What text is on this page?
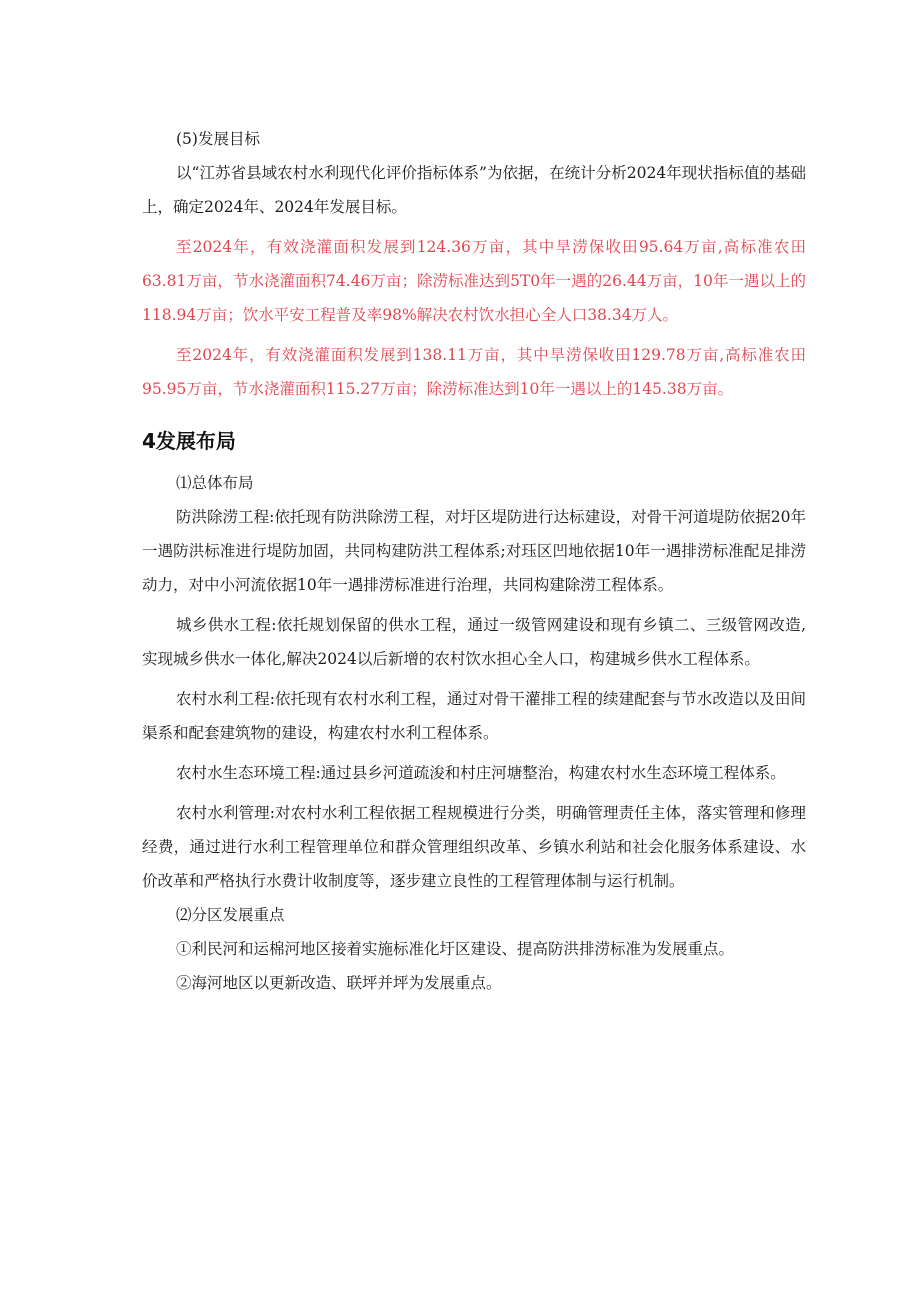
(5)发展目标

以“江苏省县域农村水利现代化评价指标体系”为依据，在统计分析2024年现状指标值的基础上，确定2024年、2024年发展目标。

至2024年，有效浇灌面积发展到124.36万亩，其中旱涝保收田95.64万亩,高标准农田63.81万亩，节水浇灌面积74.46万亩；除涝标准达到5T0年一遇的26.44万亩，10年一遇以上的118.94万亩；饮水平安工程普及率98%解决农村饮水担心全人口38.34万人。

至2024年，有效浇灌面积发展到138.11万亩，其中旱涝保收田129.78万亩,高标准农田95.95万亩，节水浇灌面积115.27万亩；除涝标准达到10年一遇以上的145.38万亩。

4发展布局

⑴总体布局

防洪除涝工程:依托现有防洪除涝工程，对圩区堤防进行达标建设，对骨干河道堤防依据20年一遇防洪标准进行堤防加固，共同构建防洪工程体系;对珏区凹地依据10年一遇排涝标准配足排涝动力，对中小河流依据10年一遇排涝标准进行治理，共同构建除涝工程体系。

城乡供水工程:依托规划保留的供水工程，通过一级管网建设和现有乡镇二、三级管网改造,实现城乡供水一体化,解决2024以后新增的农村饮水担心全人口，构建城乡供水工程体系。

农村水利工程:依托现有农村水利工程，通过对骨干灌排工程的续建配套与节水改造以及田间渠系和配套建筑物的建设，构建农村水利工程体系。

农村水生态环境工程:通过县乡河道疏浚和村庄河塘整治，构建农村水生态环境工程体系。

农村水利管理:对农村水利工程依据工程规模进行分类，明确管理责任主体，落实管理和修理经费，通过进行水利工程管理单位和群众管理组织改革、乡镇水利站和社会化服务体系建设、水价改革和严格执行水费计收制度等，逐步建立良性的工程管理体制与运行机制。

⑵分区发展重点

①利民河和运棉河地区接着实施标准化圩区建设、提高防洪排涝标准为发展重点。

②海河地区以更新改造、联坪并坪为发展重点。
